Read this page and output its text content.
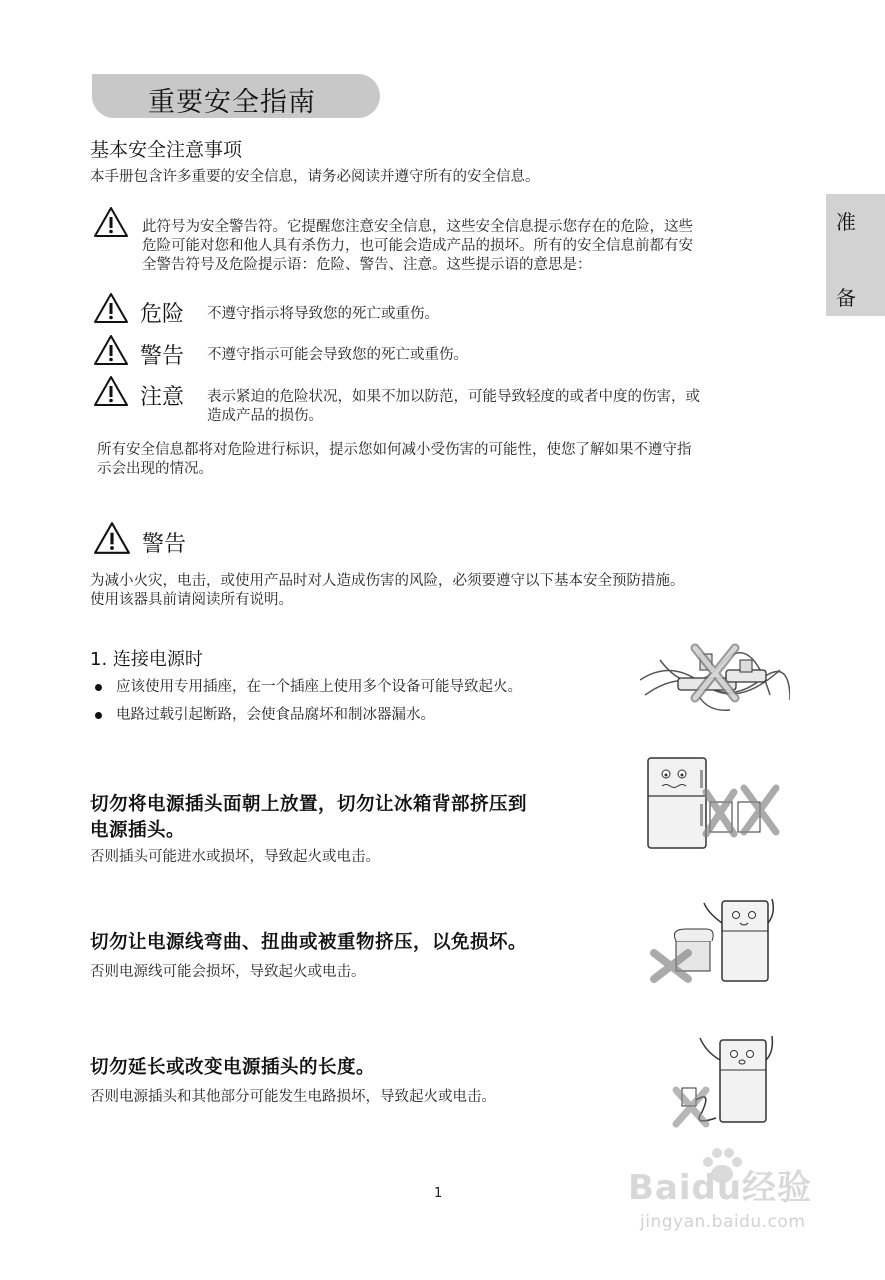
重要安全指南
准
备
基本安全注意事项
本手册包含许多重要的安全信息，请务必阅读并遵守所有的安全信息。
此符号为安全警告符。它提醒您注意安全信息，这些安全信息提示您存在的危险，这些
危险可能对您和他人具有杀伤力，也可能会造成产品的损坏。所有的安全信息前都有安
全警告符号及危险提示语：危险、警告、注意。这些提示语的意思是：
危险 不遵守指示将导致您的死亡或重伤。
警告 不遵守指示可能会导致您的死亡或重伤。
注意 表示紧迫的危险状况，如果不加以防范，可能导致轻度的或者中度的伤害，或
造成产品的损伤。
所有安全信息都将对危险进行标识，提示您如何减小受伤害的可能性，使您了解如果不遵守指
示会出现的情况。
警告
为减小火灾，电击，或使用产品时对人造成伤害的风险，必须要遵守以下基本安全预防措施。
使用该器具前请阅读所有说明。
1. 连接电源时
应该使用专用插座，在一个插座上使用多个设备可能导致起火。
电路过载引起断路，会使食品腐坏和制冰器漏水。
切勿将电源插头面朝上放置，切勿让冰箱背部挤压到
电源插头。
否则插头可能进水或损坏，导致起火或电击。
切勿让电源线弯曲、扭曲或被重物挤压，以免损坏。
否则电源线可能会损坏，导致起火或电击。
切勿延长或改变电源插头的长度。
否则电源插头和其他部分可能发生电路损坏，导致起火或电击。
1	Baidu经验
jingyan.baidu.com
